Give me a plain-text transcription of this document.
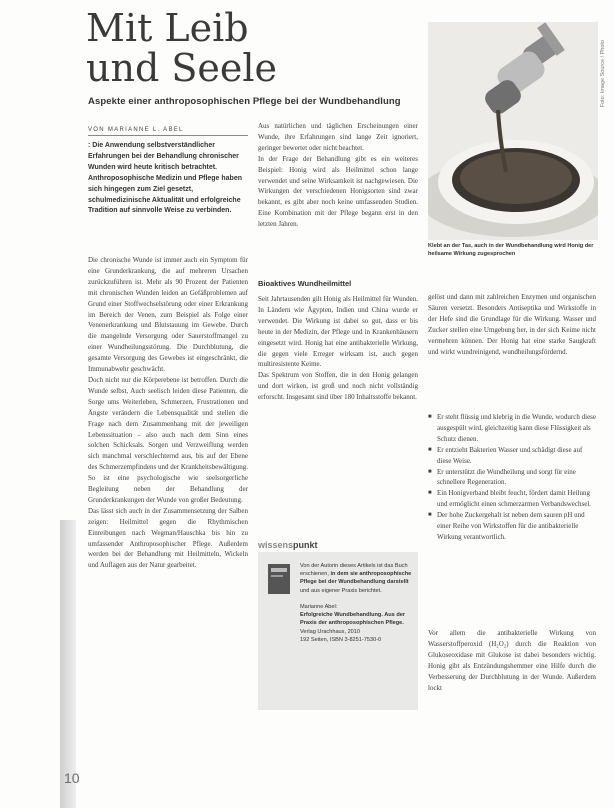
Mit Leib
und Seele
Aspekte einer anthroposophischen Pflege bei der Wundbehandlung
VON MARIANNE L. ABEL

: Die Anwendung selbstverständlicher Erfahrungen bei der Behandlung chronischer Wunden wird heute kritisch betrachtet. Anthroposophische Medizin und Pflege haben sich hingegen zum Ziel gesetzt, schulmedizinische Aktualität und erfolgreiche Tradition auf sinnvolle Weise zu verbinden.

Die chronische Wunde ist immer auch ein Symptom für eine Grunderkrankung, die auf mehreren Ursachen zurückzuführen ist. Mehr als 90 Prozent der Patienten mit chronischen Wunden leiden an Gefäßproblemen auf Grund einer Stoffwechselstörung oder einer Erkrankung im Bereich der Venen, zum Beispiel als Folge einer Venenerkrankung und Blutstauung im Gewebe. Durch die mangelnde Versorgung oder Sauerstoffmangel zu einer Wundheilungsstörung. Die Durchblutung, die gesamte Versorgung des Gewebes ist eingeschränkt, die Immunabwehr geschwächt.

Doch nicht nur die Körperebene ist betroffen. Durch die Wunde selbst, Auch seelisch leiden diese Patienten, die Sorge ums Weiterleben, Schmerzen, Frustrationen und Ängste verändern die Lebensqualität und stellen die Frage nach dem Zusammenhang mit der jeweiligen Lebenssituation – also auch nach dem Sinn eines solchen Schicksals. Sorgen und Verzweiflung werden sich manchmal verschlechternd aus, bis auf der Ebene des Schmerzempfindens und der Krankheitsbewältigung. So ist eine psychologische wie seelsorgerliche Begleitung neben der Behandlung der Grunderkrankungen der Wunde von großer Bedeutung.

Das lässt sich auch in der Zusammensetzung der Salben zeigen: Heilmittel gegen die Rhythmischen Einreibungen nach Wegman/Hauschka bis hin zu umfassender Anthroposophischer Pflege. Außerdem werden bei der Behandlung mit Heilmitteln, Wickeln und Auflagen aus der Natur gearbeitet.

Aus natürlichen und täglichen Erscheinungen einer Wunde, ihre Erfahrungen sind lange Zeit ignoriert, geringer bewertet oder nicht beachtet.

In der Frage der Behandlung gibt es ein weiteres Beispiel: Honig wird als Heilmittel schon lange verwendet und seine Wirksamkeit ist nachgewiesen. Die Wirkungen der verschiedenen Honigsorten sind zwar bekannt, es gibt aber noch keine umfassenden Studien. Eine Kombination mit der Pflege begann erst in den letzten Jahren.

Bioaktives Wundheilmittel

Seit Jahrtausenden gilt Honig als Heilmittel für Wunden. In Ländern wie Ägypten, Indien und China wurde er verwendet. Die Wirkung ist dabei so gut, dass er bis heute in der Medizin, der Pflege und in Krankenhäusern eingesetzt wird. Honig hat eine antibakterielle Wirkung, die gegen viele Erreger wirksam ist, auch gegen multiresistente Keime.

Das Spektrum von Stoffen, die in den Honig gelangen und dort wirken, ist groß und noch nicht vollständig erforscht. Insgesamt sind über 180 Inhaltsstoffe bekannt.

Foto: Image Source / Photo

Klebt an der Tas, auch in der Wundbehandlung wird Honig der heilsame Wirkung zugesprochen

gelöst und dann mit zahlreichen Enzymen und organischen Säuren versetzt. Besonders Antiseptika und Wirkstoffe in der Hefe sind die Grundlage für die Wirkung. Wasser und Zucker stellen eine Umgebung her, in der sich Keime nicht vermehren können. Der Honig hat eine starke Saugkraft und wirkt wundreinigend, wundheilungsfördernd.

■ Er steht flüssig und klebrig in die Wunde, wodurch diese ausgespült wird, gleichzeitig kann diese Flüssigkeit als Schutz dienen.
■ Er entzieht Bakterien Wasser und schädigt diese auf diese Weise.
■ Er unterstützt die Wundheilung und sorgt für eine schnellere Regeneration.
■ Ein Honigverband bleibt feucht, fördert damit Heilung und ermöglicht einen schmerzarmen Verbandswechsel.
■ Der hohe Zuckergehalt ist neben dem sauren pH und einer Reihe von Wirkstoffen für die antibakterielle Wirkung verantwortlich.

Vor allem die antibakterielle Wirkung von Wasserstoffperoxid (H₂O₂) durch die Reaktion von Glukoseoxidase mit Glukose ist dabei besonders wichtig. Honig gibt als Entzündungshemmer eine Hilfe durch die Verbesserung der Durchblutung in der Wunde. Außerdem lockt

wissenspunkt

Von der Autorin dieses Artikels ist das Buch erschienen, in dem sie anthroposophische Pflege bei der Wundbehandlung darstellt und aus eigener Praxis berichtet.

Marianne Abel:
Erfolgreiche Wundbehandlung. Aus der Praxis der anthroposophischen Pflege.
Verlag Urachhaus, 2010
192 Seiten, ISBN 3-8251-7530-0

10
